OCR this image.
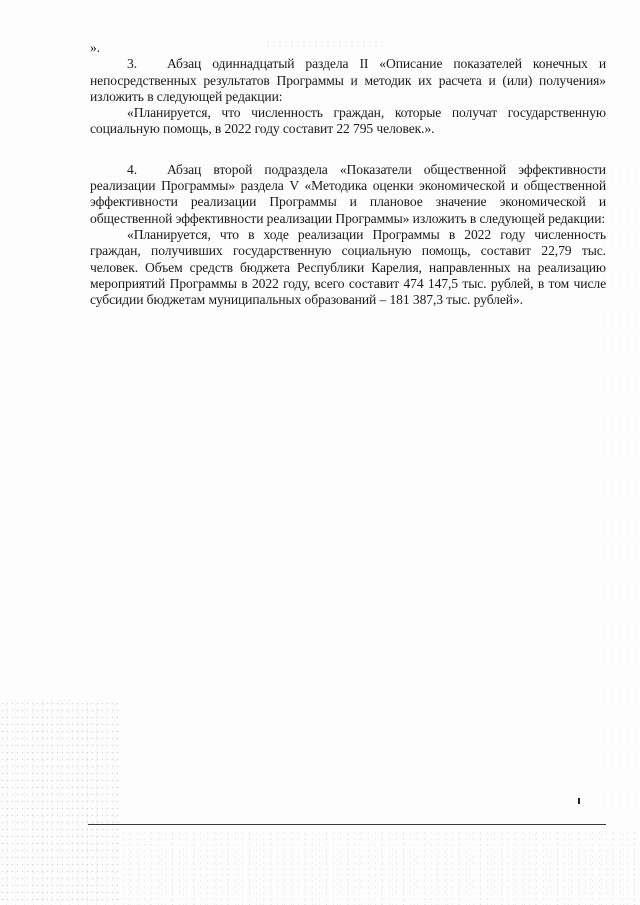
».

3. Абзац одиннадцатый раздела II «Описание показателей конечных и непосредственных результатов Программы и методик их расчета и (или) получения» изложить в следующей редакции:

«Планируется, что численность граждан, которые получат государственную социальную помощь, в 2022 году составит 22 795 человек.».

4. Абзац второй подраздела «Показатели общественной эффективности реализации Программы» раздела V «Методика оценки экономической и общественной эффективности реализации Программы и плановое значение экономической и общественной эффективности реализации Программы» изложить в следующей редакции:

«Планируется, что в ходе реализации Программы в 2022 году численность граждан, получивших государственную социальную помощь, составит 22,79 тыс. человек. Объем средств бюджета Республики Карелия, направленных на реализацию мероприятий Программы в 2022 году, всего составит 474 147,5 тыс. рублей, в том числе субсидии бюджетам муниципальных образований – 181 387,3 тыс. рублей».
